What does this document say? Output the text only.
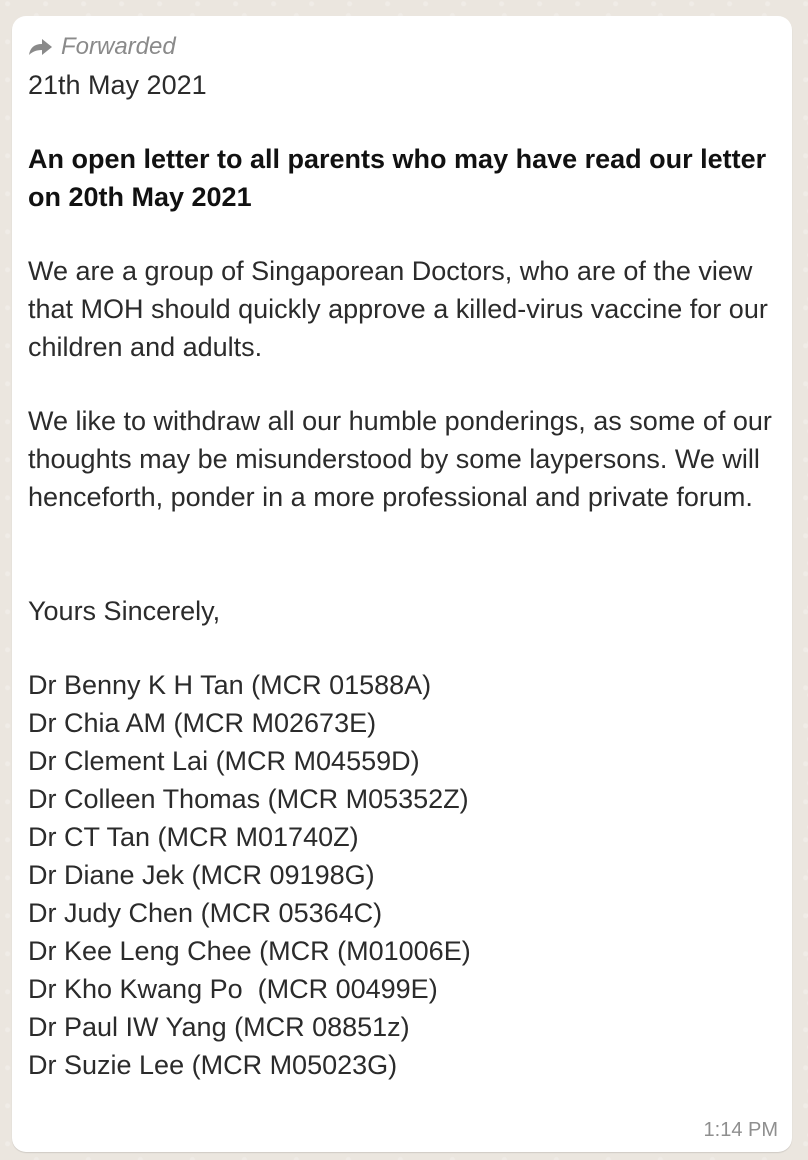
Forwarded
21th May 2021
An open letter to all parents who may have read our letter on 20th May 2021

We are a group of Singaporean Doctors, who are of the view that MOH should quickly approve a killed-virus vaccine for our children and adults.

We like to withdraw all our humble ponderings, as some of our thoughts may be misunderstood by some laypersons. We will henceforth, ponder in a more professional and private forum.

Yours Sincerely,
Dr Benny K H Tan (MCR 01588A)
Dr Chia AM (MCR M02673E)
Dr Clement Lai (MCR M04559D)
Dr Colleen Thomas (MCR M05352Z)
Dr CT Tan (MCR M01740Z)
Dr Diane Jek (MCR 09198G)
Dr Judy Chen (MCR 05364C)
Dr Kee Leng Chee (MCR (M01006E)
Dr Kho Kwang Po  (MCR 00499E)
Dr Paul IW Yang (MCR 08851z)
Dr Suzie Lee (MCR M05023G)
1:14 PM
